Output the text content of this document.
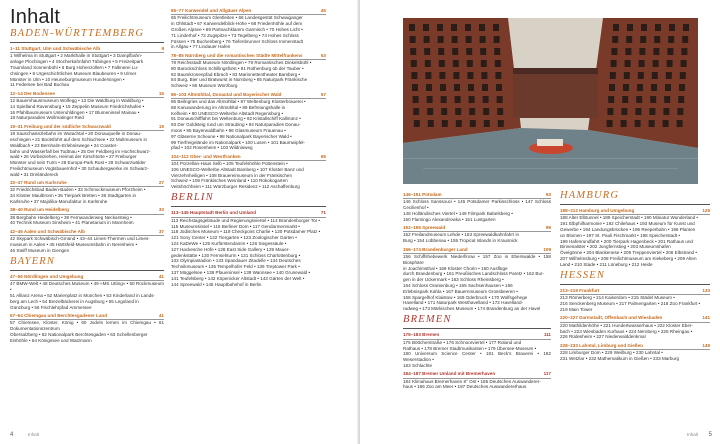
Inhalt
BADEN-WÜRTTEMBERG
1–11 Stuttgart, Ulm und Schwäbische Alb	9
1 Wilhelma in Stuttgart • 2 Markthalle in Stuttgart • 3 Dampfbahn-
anlage Plochingen • 4 Stocherkahnfahrt Tübingen • 5 Freizeitpark
Traumland Sonnenbühl • 6 Burg Hohenzollern • 7 Falknerei Lu-
chsingen • 8 Urgeschichtliches Museum Blaubeuren • 9 Ulmer
Münster in Ulm • 10 Heuneburgmuseum Hundersingen •
11 Federsee bei Bad Buchau
12–14 Der Bodensee	15
12 Bauernhausmuseum Wolfegg • 13 Die Waldburg in Waldburg •
14 Spielland Ravensburg • 15 Zeppelin Museum Friedrichshafen •
16 Pfahlbaumuseum Unteruhldingen • 17 Blumeninsel Mainau •
18 Naturparadies Wollmatinger Ried
19–31 Freiburg und der südliche Schwarzwald	19
19 Sauschwänzlebahn im Wutachtal • 20 Donauquelle in Donau-
eschingen • 21 Bootsfahrt auf dem Schluchsee • 22 Multmuseum in
Waldbach • 23 Bernhalm-Erlebniswege • 24 Coaster-
bahn und Wasserfall bei Todtnau • 25 Der Feldberg im Hochschwarz-
wald • 26 Vorbeiziehen, Heimat der Kirschtorte • 27 Freiburger
Münster und sein Turm • 28 Europa-Park Rust • 29 Schwarzwälder
Freilichtmuseum Vogtsbauernhof • 30 Schaubergwerke im Schwarz-
wald • 31 Dreiländereck
32–37 Rund um Karlsruhe	27
32 Friedrichsbad Baden-Baden • 33 Schmuckmuseum Pforzheim •
34 Kloster Maulbronn • 35 Tierpark Bretten • 36 Stadtgarten in
Karlsruhe • 37 Majolika-Manufaktur in Karlsruhe
38–40 Rund um Heidelberg	33
38 Bergbahn Heidelberg • 39 Fernwanderweg Neckarsteig •
40 Technik Museum Sinsheim • 41 Planetarium in Mannheim
42–46 Aalen und Schwäbische Alb	37
42 Skypark Schwäbisch-Gmünd • 43–44 Limes-Thermen und Limes-
museum in Aalen • 45 Härtsfeld-Museumsbahn in Neresheim •
46 Steiff Museum in Giengen
BAYERN
47–56 Nördlingen und Umgebung	41
47 BMW-Welt • 48 Deutsches Museum • 49 »MS Utting« • 50 Rockmuseum •
51 Allianz Arena • 52 Marienplatz in München • 53 Kinderland in Lands-
berg am Lech • 54 Brezelbäckerei in Augsburg • 55 Legoland in
Günzburg • 56 Fischlehrpfad Ammersee
57–64 Chiemgau und Berchtesgadener Land	41
57 Chiemsee, Kloster, König • 60 Jodeln lernen im Chiemgau • 61 Dokumentationszentrum
Obersalzberg • 62 Nationalpark Berchtesgaden • 63 Schellenberger
Eishöhle • 64 Königssee und Watzmann
65–77 Karwendel und Allgäuer Alpen	45
65 Freilichtmuseum Glentleiten • 66 Landesgestüt Schwaiganger
in Ohlstadt • 67 Karwendelblick-Höhe • 68 Friedenhöhle auf dem
Großen Alpsee • 69 Partnachklamm Garmisch • 70 Hohes Licht •
71 Linderhof • 72 Zugspitze • 73 Tegelberg • 74 Hohes Schloss
Füssen • 75 Buchenberg • 76 Tiefenbrunner Schloss Immenstadt
in Allgäu • 77 Lindauer Hafen
78–85 Nürnberg und die romantischen Städte Mittelfrankens	53
78 Reichsstadt Museum Nördlingen • 79 Romantisches Dinkelsbühl •
80 Barockschloss Schillingsfürst • 81 Rothenburg ob der Tauber •
82 Baumkronenpfad Ebrach • 83 Marionettentheater Bamberg •
84 Burg, Bier und Bratwurst in Nürnberg • 85 Naturpark Fränkische
Schweiz • 86 Museum Würzburg
86–103 Altmühltal, Donautal und Bayerischer Wald	57
86 Beilngries und das Altmühltal • 87 Weltenburg Klosterbrauerei •
88 Kanuwanderung im Altmühltal • 89 Befreiungshalle in
Kelheim • 90 UNESCO-Welterbe Altstadt Regensburg •
91 Donauschifffahrt bei Weltenburg • 92 Kristallschiff Kallmünz •
93 Der Goldsteig rund um Straubing • 94 Naturparadies Donau-
moos • 95 Bayerwaldbahn • 96 Glasmuseum Frauenau •
97 Gläserne Scheune • 98 Nationalpark Bayerischer Wald •
99 Tierfreigelände im Nationalpark • 100 Lusen • 101 Baumwipfel-
pfad • 102 Rosenheim • 103 Wildnisweg
104–112 Ober- und Westfranken	65
104 Porzellan-Haus Selb • 105 Teufelshöhle Pottenstein •
106 UNESCO-Welterbe Altstadt Bamberg • 107 Kloster Banz und
Vierzehnheiligen • 108 Brauereimuseum in der Fränkischen
Schweiz • 109 Fränkisches Weinland • 110 Rokokogarten
Veitshöchheim • 111 Würzburger Residenz • 112 Aschaffenburg
BERLIN
113–145 Hauptstadt Berlin und Umland	71
113 Reichstagsgebäude und Regierungsviertel • 114 Brandenburger Tor •
115 Museumsinsel • 116 Berliner Dom • 117 Gendarmenmarkt •
118 Jüdisches Museum • 119 Checkpoint Charlie • 120 Potsdamer Platz •
121 Sony Center • 122 Tiergarten • 123 Zoologischer Garten •
124 KaDeWe • 125 Kurfürstendamm • 126 Siegessäule •
127 Hackesche Höfe • 128 East Side Gallery • 129 Mauer-
gedenkstätte • 130 Fernsehturm • 131 Schloss Charlottenburg •
132 Olympiastadion • 133 Spandauer Zitadelle • 134 Deutsches
Technikmuseum • 135 Tempelhofer Feld • 136 Treptower Park •
137 Müggelsee • 138 Pfaueninsel • 139 Wannsee • 140 Grunewald •
141 Teufelsberg • 142 Köpenicker Altstadt • 143 Gärten der Welt •
144 Spreewald • 145 Hauptbahnhof in Berlin
4	Inhalt
146–151 Potsdam	93
146 Schloss Sanssouci • 145 Potsdamer Parkisschloss • 147 Schloss Cecilienhof •
148 Holländisches Viertel • 149 Filmpark Babelsberg •
150 Flamingo Alexandrowka • 151 Lustgarten
152–155 Spreewald	99
152 Freilandmuseum Lehde • 153 Spreewaldkahnfahrt in
Burg • 154 Lübbenau • 155 Tropical Islands in Krausnick
156–174 Brandenburger Land	109
156 Schiffshebewerk Niederfinow • 157 Zoo in Eberswalde • 158 Biosphäre
in Joachimsthal • 159 Kloster Chorin • 160 Ausflüge
durch Brandenburg • 161 Preußisches Landschloss Paretz • 162 Bur-
gen in der Uckermark • 163 Schloss Rheinsberg •
164 Schloss Oranienburg • 165 Sachsenhausen • 166
Erlebnispark Kahla • 167 Bauernmuseum Grossbeeren •
168 Spargelhof Klaistow • 169 Oderbruch • 170 Wolfsgehege
Havelland • 171 Naturpark Westhavelland • 172 Havelland-
radweg • 173 Märkisches Museum • 174 Brandenburg an der Havel
BREMEN
175–183 Bremen	111
175 Böttcherstraße • 176 Schnoorviertel • 177 Roland und
Rathaus • 178 Bremer Stadtmusikanten • 179 Übersee-Museum •
180 Universum Science Center • 181 Beck's Brauerei • 182 Weserstadion •
183 Schlachte
184–187 Bremer Umland mit Bremerhaven	117
184 Klimahaus Bremerhaven 8° Ost • 185 Deutsches Auswanderer-
haus • 186 Zoo am Meer • 187 Deutsches Auswandererhaus
HAMBURG
188–212 Hamburg und Umgebung	125
188 Alter Elbtunnel • 189 Speicherstadt • 190 Miniatur Wunderland •
191 Elbphilharmonie • 192 Chilehaus • 193 Museum für Kunst und
Gewerbe • 194 Landungsbrücken • 195 Reeperbahn • 196 Planten
un Blomen • 197 St. Pauli Fischmarkt • 198 Speicherstadt •
199 Hafenrundfahrt • 200 Tierpark Hagenbeck • 201 Rathaus und
Binnenalster • 202 Jungfernstieg • 203 Museumshafen
Övelgönne • 204 Blankenese • 205 Treppenviertel • 206 Elbstrand •
207 Wilhelmsburg • 208 Freilichtmuseum am Kiekeberg • 209 Alten
Land • 210 Stade • 211 Lüneburg • 212 Heide
HESSEN
213–219 Frankfurt	133
213 Römerberg • 214 Kaiserdom • 215 Städel Museum •
216 Senckenberg Museum • 217 Palmengarten • 218 Zoo Frankfurt •
219 Main Tower
220–227 Darmstadt, Offenbach und Wiesbaden	141
220 Mathildenhöhe • 221 Hundertwasserhaus • 222 Kloster Eber-
bach • 223 Wiesbaden Kurhaus • 224 Neroberg • 225 Rheingau •
226 Rüdesheim • 227 Niederwalddenkmal
228–233 Lahntal, Limburg und Gießen	149
228 Limburger Dom • 229 Weilburg • 230 Lahntal •
231 Wetzlar • 232 Mathematikum in Gießen • 233 Marburg
5
Inhalt
